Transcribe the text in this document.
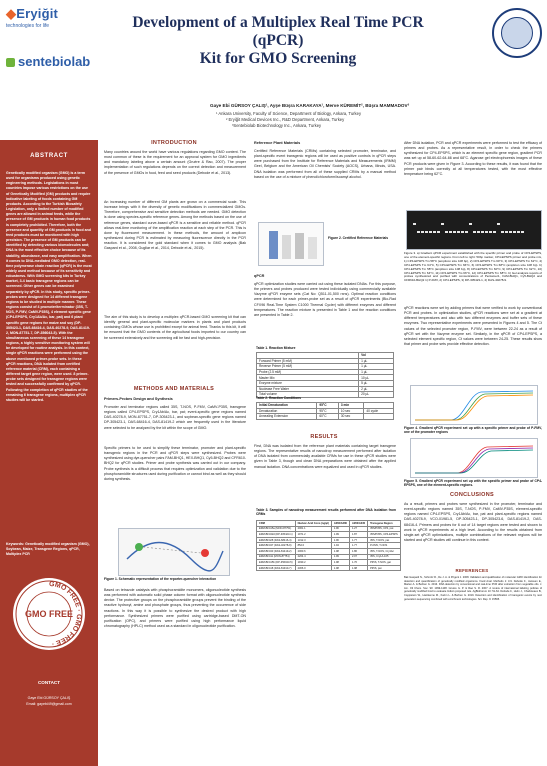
◆Eryiğit
technologies for life
sentebiolab
Development of a Multiplex Real Time PCR (qPCR)
Kit for GMO Screening
Gaye Ebi GÜRSOY ÇALIŞ¹, Ayşe Büşra KARAKAYA¹, Merve KÜREMİT², Büşra MAMMADOV³
¹ Ankara University, Faculty of Science, Department of Biology, Ankara, Turkey
² Eryiğit Medical Devices Inc., R&D Department, Ankara, Turkey
³Sentebiolab Biotechnology Inc., Ankara, Turkey
ABSTRACT
Genetically modified organism (GMO) is a term used for organisms produced using genetic engineering methods. Legislations in most countries impose various restrictions on the use of Genetically Modified (GM) products and require indicative labeling of foods containing GM products. According to the Turkish Biosafety Legislation, only a limited number of modified genes are allowed in animal feeds, while the presence of GM products in human food products is completely prohibited. Therefore, both the presence and quantity of GM products in food and feed products must be monitored with high precision. The presence of GM products can be identified by detecting various biomolecules and; DNA is the most effective choice because of its stability, abundance, and easy amplification. When it comes to DNA-mediated GMO detection, real-time polymerase chain reaction (qPCR) is the most widely used method because of its sensitivity and robustness. With GMO screening kits in Turkey market, 3-4 basic transgene regions can be screened. Other genes can be examined separately by qPCR. In this study, specific primer-probes were designed for 14 different transgene regions to be studied in multiple manner. These regions consist of 4 promoter/terminator (35S, T-NOS, P-FMV, CaMV-P35S), 4 element specific gene (CP4-EPSPS, Cry1Ab/Ac, bar, pat) and 6 plant specific gene regions for maize and soy (DP-305423-1, DAS-68416-4, DAS-40278-9, DAS-81419-2, MON-87751-7, DP-356043-5). With the simultaneous screening of these 14 transgene regions, a highly sensitive monitoring system will be developed for routine analysis. In this context, single qPCR reactions were performed using the above mentioned primer-probe sets. In these qPCR reactions, DNA isolated from certified reference material (CRM), each containing a different target gene region, were used. 8 primer-probe sets designed for transgene regions were tested and successfully confirmed by qPCR. Following the completion of qPCR studies of the remaining 6 transgene regions, multiplex qPCR studies will be started.
Keywords: Genetically modified organism (GMO), Soybean, Maize, Transgene Regions, qPCR, Multiplex PCR
GMO FREE · GMO FREE ·
GMO FREE
CONTACT
Gaye Ebi GÜRSOY ÇALIŞ
Email: gayebi49@gmail.com
INTRODUCTION
Many countries around the world have various regulations regarding GMO content. The most common of these is the requirement for an approval system for GMO ingredients and mandatory labeling above a certain amount (Gruère & Rao, 2007). The proper implementation of such regulations depends on the correct detection and measurement of the presence of GMOs in food, feed and seed products (Debode et al., 2013).
An increasing number of different GM plants are grown on a commercial scale. This increase brings with it the diversity of genetic modifications in commercialized GMOs. Therefore, comprehensive and sensitive detection methods are needed. GMO detection is done using species-specific reference genes. Among the methods based on the use of reference genes, standard curve-based qPCR is a sensitive and reliable method. qPCR allows real-time monitoring of the amplification reaction at each step of the PCR. This is done by fluorescent measurement. In these methods, the amount of amplicon synthesized during PCR is estimated by measuring fluorescence directly in the PCR reaction. It is considered the gold standard when it comes to GMO analysis (Bak Gaspard et al., 2008, Gugliar et al., 2014, Debode et al., 2015).
The aim of this study is to develop a multiplex qPCR-based GMO screening kit that can identify general and plant-specific molecular markers in plants and plant products containing GMOs whose use is prohibited except for animal feed. Thanks to this kit, it will be ensured that the GMO contents of the agricultural foods imported to our country can be screened extensively and the screening will be fast and high-precision.
METHODS AND MATERIALS
Primers-Probes Design and Synthesis
Promoter and terminator regions called 35S, T-NOS, P-FMV, CaMV-P35S, transgene regions called CP4-EPSPS, Cry1Ab/Ac, bar, pat; event-specific gene regions named DAS-40278-9, MON-87751-7, DP-305423-1, and soybean-specific gene regions named DP-305423-1, DAS-68416-4, DAS-81419-2 which are frequently used in the literature were selected to be analyzed by the kit within the scope of GMO.
Specific primers to be used to simplify these terminator, promoter and plant-specific transgenic regions in the PCR and qPCR steps were synthesized. Probes were synthesized using dye-quencher pairs FAM-BHQ1, HEX-BHQ1, Cy5-BHQ2 and CFR610-BHQ2 for qPCR studies. Primer and probe synthesis was carried out in our company. Probe synthesis is a difficult process that requires optimization and validation due to the phosphoramidite structures used during purification or cannot bind as well as they should during synthesis.
Figure 1. Schematic representation of the reporter-quencher interaction
Based on tetrazole catalysis with phosphoramidite monomers, oligonucleotide synthesis was performed with automatic solid phase column format with oligonucleotide synthesis device. The protective groups on the phosphoramidite groups prevent the binding of the reactive hydroxyl, amine and phosphate groups, thus preventing the occurrence of side reactions. In this way it is possible to synthesize the desired product with high performance. Synthesized primers were purified using cartridge-based DMT-ON purification (OPC), and primers were purified using high performance liquid chromatography (HPLC) method used as a standard in oligonucleotide purification.
Reference Plant Materials
Certified Reference Materials (CRMs) containing selected promoter, terminator, and plant-specific event transgenic regions will be used as positive controls in qPCR steps were purchased from the Institute for Reference Materials and Measurements (IRMM) Geel, Belgium and the American Oil Chemists' Society (AOCS), Urbana, Illinois, USA. DNA isolation was performed from all of these supplied CRMs by a manual method based on the use of a mixture of phenol/chloroform/isoamyl alcohol.
Figure 2. Certified Reference Materials
qPCR
qPCR optimization studies were carried out using these isolated DNAs. For this purpose, the primers and probes produced were tested individually using commercially available Vazyme qPCR enzyme sets (Cat No: Q511-01,500 rxns). Optimal reaction conditions were determined for each primer-probe set as a result of qPCR experiments (Bio-Rad CFX96 Real-Time System C1000 Thermal Cycler) with different enzymes and different temperatures. The reaction mixture is presented in Table 1 and the reaction conditions are presented in Table 2.
Table 1. Reaction Mixture
	Vol
Forward Primer (5 mM)	1 µL
Reverse Primer (5 mM)	1 µL
Probe (2.5 mM)	1 µL
Master Mix	10 µL
Enzyme mixture	5 µL
Nuclease Free Water	2 µL
Total volume	20 µL
Table 2. Reaction Conditions
Initial Denaturation	95°C	3 min	
Denaturation	95°C	10 sec	40 cycle
Annealing Extension	60°C	30 sec	
RESULTS
First, DNA was isolated from the reference plant materials containing target transgene regions. The representative results of nanodrop measurement performed after isolation of DNA isolated from commercially available CRMs for use in these qPCR studies were given in Table 3, though and clean DNA preparations were obtained after the applied manual isolation. DNA concentrations were equalized and used in qPCR studies.
Table 3. Samples of nanodrop measurement results performed after DNA isolation from CRMs
CRM	Nucleic Acid Conc.(ng/µl)	A260/A280	A260/A230	Transgene Region
ERM-BF415a (MON-87751)	2061.1	1.96	1.27	35S/P35S, CP4, pat
ERM-BF432d (DP-305423-1)	1971.2	1.99	1.87	35S/P35S, CP4-EPSPS
ERM-BF428 (DAS-68416-4)	1312.3	1.96	1.77	35S, T-NOS, pat
ERM-BF437 (DAS-40278-9)	852.0	1.94	1.77	P-FMV, T-NOS
ERM-BF433 (DAS-81419-2)	2060.6	1.98	1.86	35S, T-NOS, Cry1Ac
ERM-BF411 (MON-87751)	2204.4	1.99	2.07	35S, Cry1A.105
ERM-BF415b (DP-356043-5)	1930.2	1.98	1.76	P35S, T-NOS, gat
ERM-BF418 (DAS-81910-7)	2306.0	1.98	1.98	P35S, pat
After DNA isolation, PCR and qPCR experiments were performed to test the efficacy of primers and probes. As a representative result, in order to check the primers synthesized for CP4-EPSPS, which is an element specific gene region, gradient PCR was set up at 58-60-62-64-66 and 68°C. Agarose gel electrophoresis images of these PCR products were given in Figure 3. According to these results, it was found that the primer pair binds correctly at all temperatures tested, with the most effective temperature being 62°C.
Figure 3. a) Gradient qPCR experiment established with the specific primer and probe of CP4-EPSPS, one of the element-specific regions. From left to right: 50bp marker, CP4-EPSPS primer and probe mix, 1) CP4-EPSPS Tm 58°C (amplicon size 108 bp), 2) CP4-EPSPS Tm 60°C, 3) CP4-EPSPS Tm 62°C, 4) CP4-EPSPS Tm 64°C, 5) CP4-EPSPS Tm 66°C, 6) CP4-EPSPS Tm 68°C (amplicon size 108 bp). b) CP4-EPSPS Tm 58°C (amplicon size 108 bp), 8) CP4-EPSPS Tm 60°C, 9) CP4-EPSPS Tm 62°C, 10) CP4-EPSPS Tm 64°C, 11) CP4-EPSPS Tm 66°C, 12) CP4-EPSPS Tm 68°C. b) Gel analysis reports of probes synthesized and purified with concentrations of Pentamer1, FAM-BHQ1, Cy5-BHQ2 and CFR610-BHQ2 1) P-FMV, 2) CP4-EPSPS, 3) DP-305423-1, 4) DAS-40278-9.
qPCR reactions were set by adding primers that were verified to work by conventional PCR and probes. In optimization studies, qPCR reactions were set at a gradient at different temperatures and also with two different enzymes and buffer sets of these enzymes. Two representative experiments were presented in Figures 4 and 5. The Ct values of the selected promoter region, P-FMV, were between 22-24 as a result of qPCR set with the Vazyme enzyme set. Similarly, in the qPCR of CP4-EPSPS, a selected element specific region, Ct values were between 24-25. These results show that primer and probe sets provide effective detection.
Figure 4. Gradient qPCR experiment set up with a specific primer and probe of P-FMV, one of the promoter regions
Figure 5. Gradient qPCR experiment set up with the specific primer and probe of CP4-EPSPS, one of the element-specific regions.
CONCLUSIONS
As a result, primers and probes were synthesized in the promoter, terminator and event-specific regions named 35S, T-NOS, P-FMV, CaMV-P35S, element-specific regions named CP4-EPSPS, Cry1Ab/Ac, bar, pat and plant-specific regions named DAS-40278-9, VCO-01981-5, DP-305423-1, DP-305423-6, DAS-81419-2, DAS-68416-4. Primers and probes for 6 out of 14 target regions were tested and shown to work in qPCR experiments at a high level. According to the results obtained from single-set qPCR optimizations, multiple combinations of the relevant regions will be started and qPCR studies will continue in this context.
REFERENCES
Bak Gaspard N., Schmitz R., De J. A. & Prigent J. 2008. Validation and qualification of molecular GMO identification for detection and quantification of genetically modified organisms. Food Anal. Methods 1: 3-9. Debode F., Janssen E., Marien A. & Berben G. 2013. DNA detection by conventional and real-time PCR after extraction from vegetable oils. J. Am. Oil Chem. Soc. 90: 1099-1108. Gruère G. P. & Rao S. R. 2007. A review of international labeling policies of genetically modified food to evaluate India's proposed rule. AgBioForum 10: 51-64. Debode F., Hulin J., Charloteaux B., Coppieters W., Hanikenne M., Karim L. & Berben G. 2019. Detection and identification of transgenic events by next generation sequencing combined with enrichment technologies. Sci. Rep. 9: 15595.
